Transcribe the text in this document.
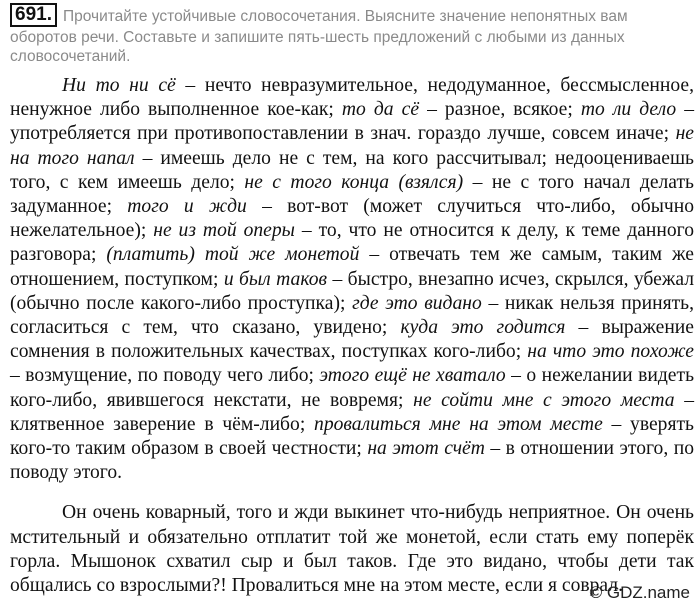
691. Прочитайте устойчивые словосочетания. Выясните значение непонятных вам оборотов речи. Составьте и запишите пять-шесть предложений с любыми из данных словосочетаний.

Ни то ни сё – нечто невразумительное, недодуманное, бессмысленное, ненужное либо выполненное кое-как; то да сё – разное, всякое; то ли дело – употребляется при противопоставлении в знач. гораздо лучше, совсем иначе; не на того напал – имеешь дело не с тем, на кого рассчитывал; недооцениваешь того, с кем имеешь дело; не с того конца (взялся) – не с того начал делать задуманное; того и жди – вот-вот (может случиться что-либо, обычно нежелательное); не из той оперы – то, что не относится к делу, к теме данного разговора; (платить) той же монетой – отвечать тем же самым, таким же отношением, поступком; и был таков – быстро, внезапно исчез, скрылся, убежал (обычно после какого-либо проступка); где это видано – никак нельзя принять, согласиться с тем, что сказано, увидено; куда это годится – выражение сомнения в положительных качествах, поступках кого-либо; на что это похоже – возмущение, по поводу чего либо; этого ещё не хватало – о нежелании видеть кого-либо, явившегося некстати, не вовремя; не сойти мне с этого места – клятвенное заверение в чём-либо; провалиться мне на этом месте – уверять кого-то таким образом в своей честности; на этот счёт – в отношении этого, по поводу этого.

Он очень коварный, того и жди выкинет что-нибудь неприятное. Он очень мстительный и обязательно отплатит той же монетой, если стать ему поперёк горла. Мышонок схватил сыр и был таков. Где это видано, чтобы дети так общались со взрослыми?! Провалиться мне на этом месте, если я соврал.

© GDZ.name
